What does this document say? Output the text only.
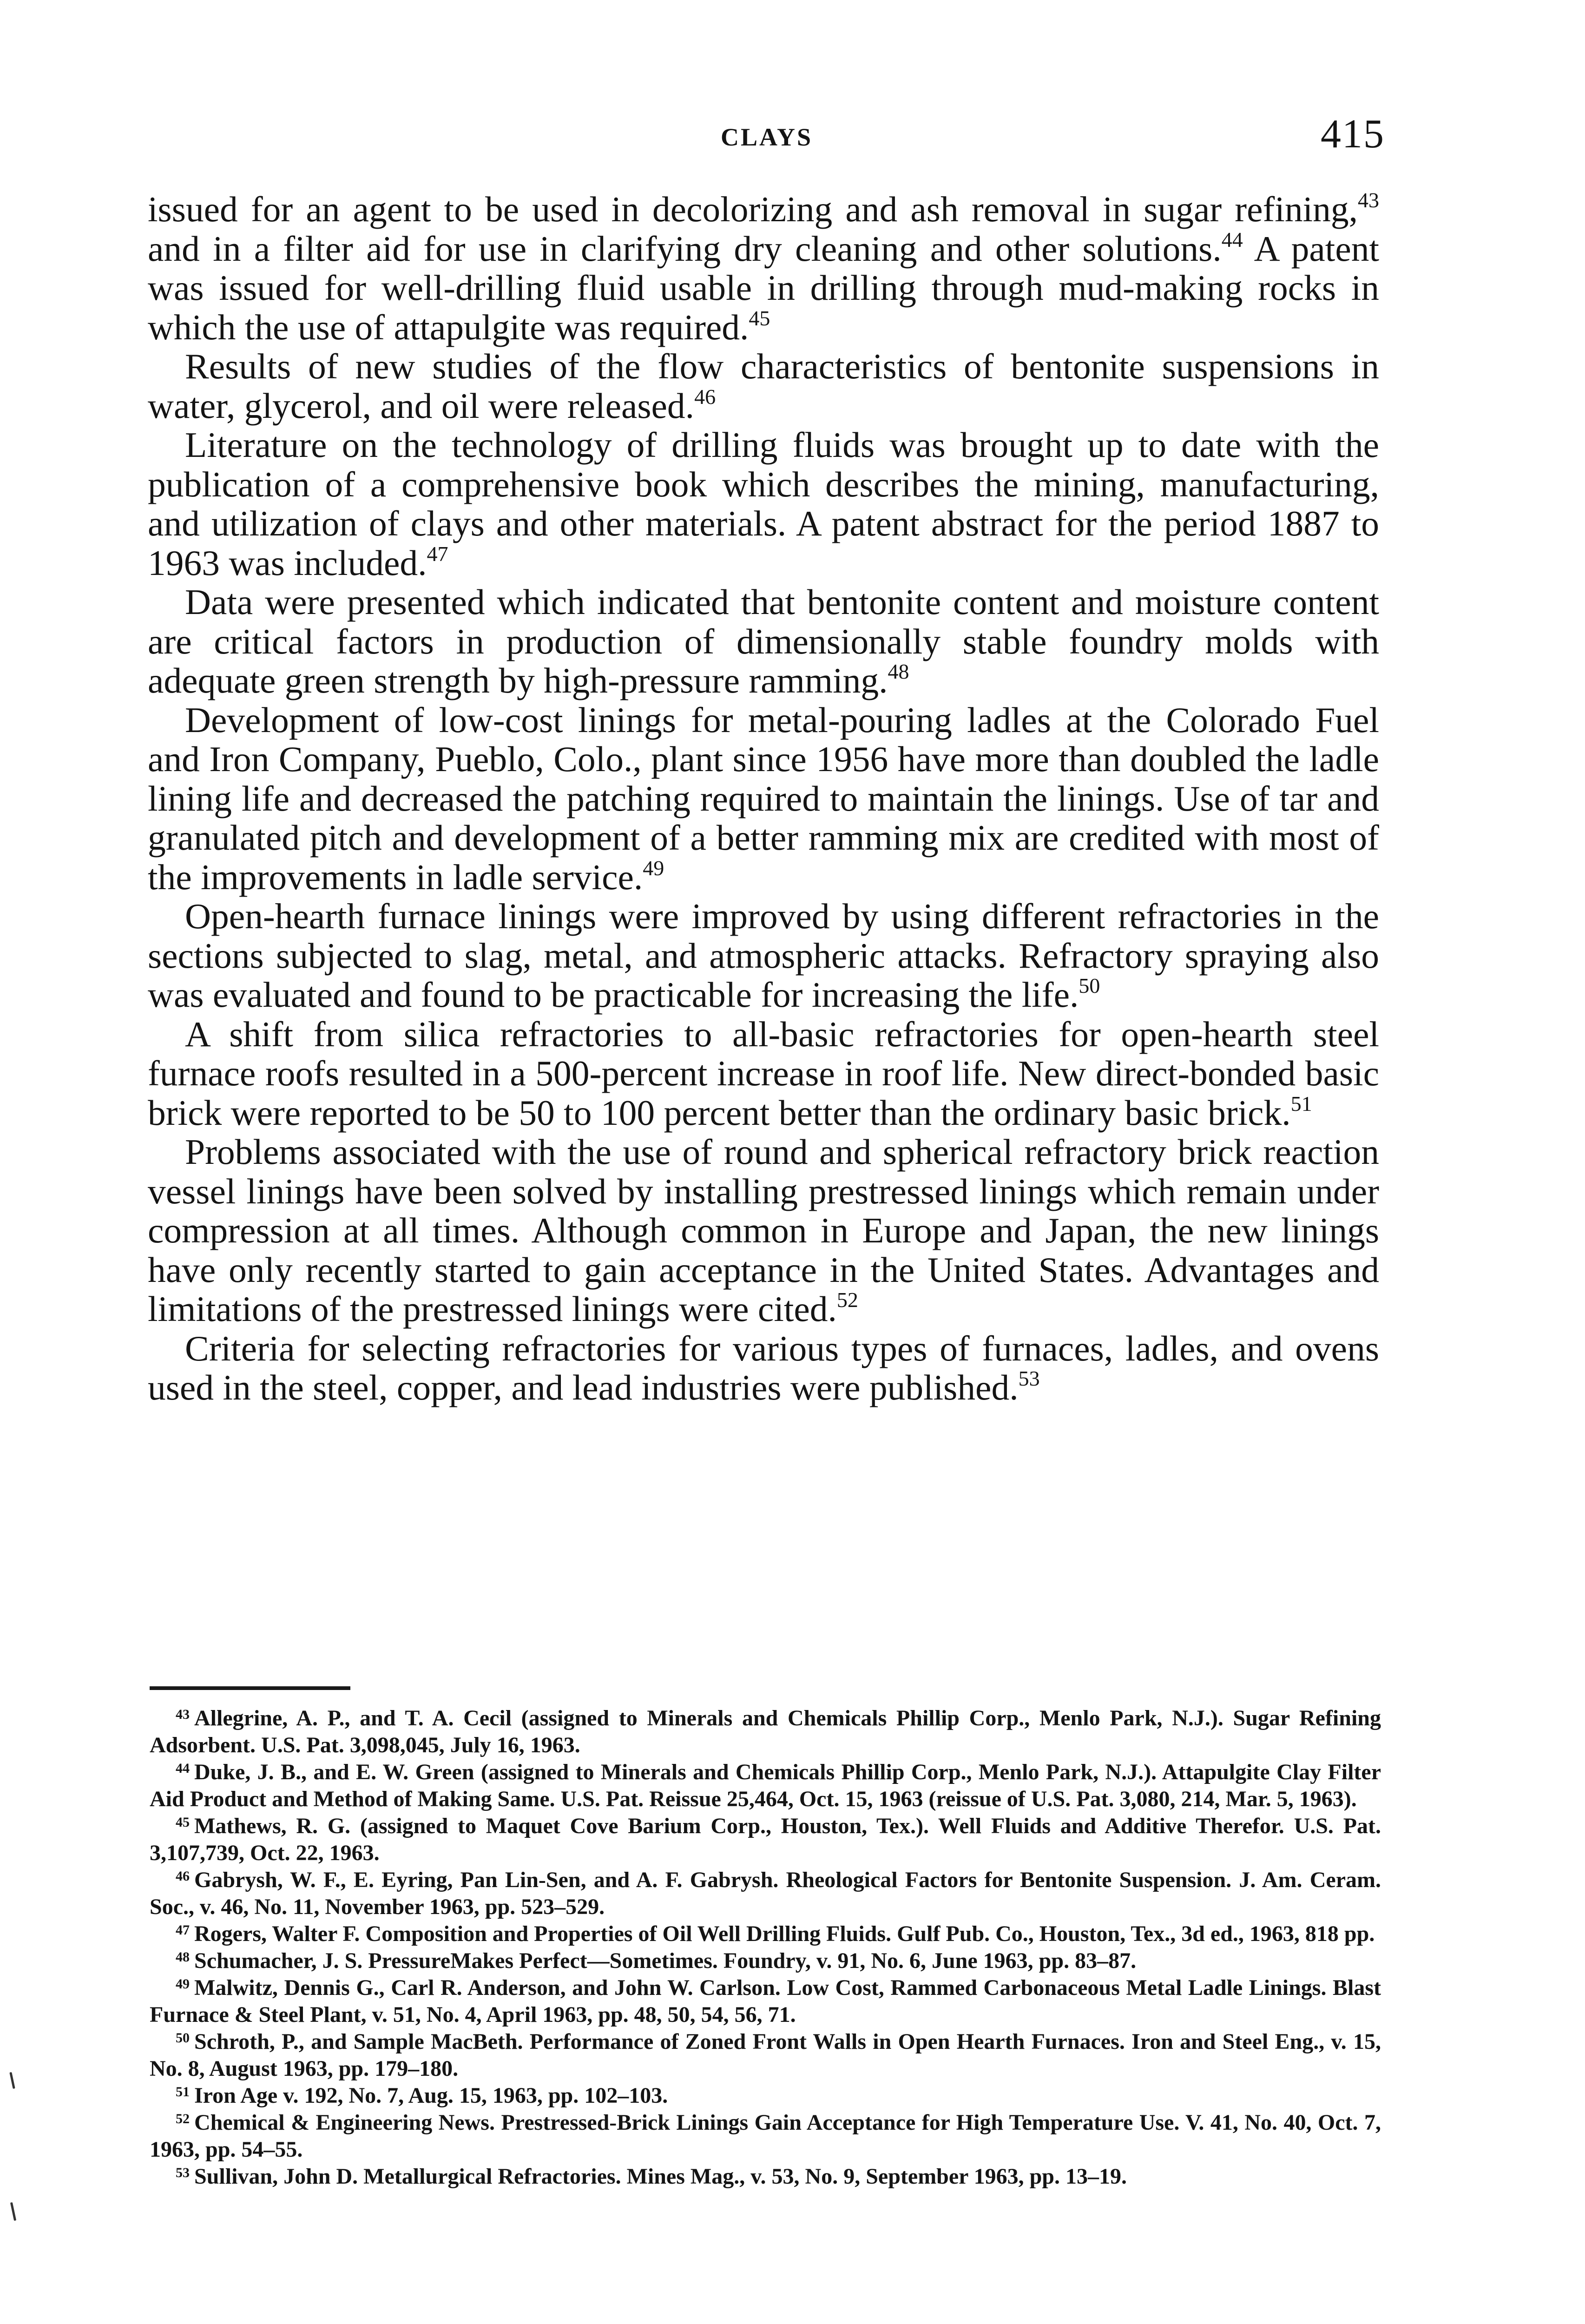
CLAYS	415

issued for an agent to be used in decolorizing and ash removal in sugar refining,$^{43}$ and in a filter aid for use in clarifying dry cleaning and other solutions.$^{44}$ A patent was issued for well-drilling fluid usable in drilling through mud-making rocks in which the use of attapulgite was required.$^{45}$

Results of new studies of the flow characteristics of bentonite suspensions in water, glycerol, and oil were released.$^{46}$

Literature on the technology of drilling fluids was brought up to date with the publication of a comprehensive book which describes the mining, manufacturing, and utilization of clays and other materials. A patent abstract for the period 1887 to 1963 was included.$^{47}$

Data were presented which indicated that bentonite content and moisture content are critical factors in production of dimensionally stable foundry molds with adequate green strength by high-pressure ramming.$^{48}$

Development of low-cost linings for metal-pouring ladles at the Colorado Fuel and Iron Company, Pueblo, Colo., plant since 1956 have more than doubled the ladle lining life and decreased the patching required to maintain the linings. Use of tar and granulated pitch and development of a better ramming mix are credited with most of the improvements in ladle service.$^{49}$

Open-hearth furnace linings were improved by using different refractories in the sections subjected to slag, metal, and atmospheric attacks. Refractory spraying also was evaluated and found to be practicable for increasing the life.$^{50}$

A shift from silica refractories to all-basic refractories for open-hearth steel furnace roofs resulted in a 500-percent increase in roof life. New direct-bonded basic brick were reported to be 50 to 100 percent better than the ordinary basic brick.$^{51}$

Problems associated with the use of round and spherical refractory brick reaction vessel linings have been solved by installing prestressed linings which remain under compression at all times. Although common in Europe and Japan, the new linings have only recently started to gain acceptance in the United States. Advantages and limitations of the prestressed linings were cited.$^{52}$

Criteria for selecting refractories for various types of furnaces, ladles, and ovens used in the steel, copper, and lead industries were published.$^{53}$

$^{43}$ Allegrine, A. P., and T. A. Cecil (assigned to Minerals and Chemicals Phillip Corp., Menlo Park, N.J.). Sugar Refining Adsorbent. U.S. Pat. 3,098,045, July 16, 1963.

$^{44}$ Duke, J. B., and E. W. Green (assigned to Minerals and Chemicals Phillip Corp., Menlo Park, N.J.). Attapulgite Clay Filter Aid Product and Method of Making Same. U.S. Pat. Reissue 25,464, Oct. 15, 1963 (reissue of U.S. Pat. 3,080, 214, Mar. 5, 1963).

$^{45}$ Mathews, R. G. (assigned to Maquet Cove Barium Corp., Houston, Tex.). Well Fluids and Additive Therefor. U.S. Pat. 3,107,739, Oct. 22, 1963.

$^{46}$ Gabrysh, W. F., E. Eyring, Pan Lin-Sen, and A. F. Gabrysh. Rheological Factors for Bentonite Suspension. J. Am. Ceram. Soc., v. 46, No. 11, November 1963, pp. 523–529.

$^{47}$ Rogers, Walter F. Composition and Properties of Oil Well Drilling Fluids. Gulf Pub. Co., Houston, Tex., 3d ed., 1963, 818 pp.

$^{48}$ Schumacher, J. S. PressureMakes Perfect—Sometimes. Foundry, v. 91, No. 6, June 1963, pp. 83–87.

$^{49}$ Malwitz, Dennis G., Carl R. Anderson, and John W. Carlson. Low Cost, Rammed Carbonaceous Metal Ladle Linings. Blast Furnace & Steel Plant, v. 51, No. 4, April 1963, pp. 48, 50, 54, 56, 71.

$^{50}$ Schroth, P., and Sample MacBeth. Performance of Zoned Front Walls in Open Hearth Furnaces. Iron and Steel Eng., v. 15, No. 8, August 1963, pp. 179–180.

$^{51}$ Iron Age v. 192, No. 7, Aug. 15, 1963, pp. 102–103.

$^{52}$ Chemical & Engineering News. Prestressed-Brick Linings Gain Acceptance for High Temperature Use. V. 41, No. 40, Oct. 7, 1963, pp. 54–55.

$^{53}$ Sullivan, John D. Metallurgical Refractories. Mines Mag., v. 53, No. 9, September 1963, pp. 13–19.
